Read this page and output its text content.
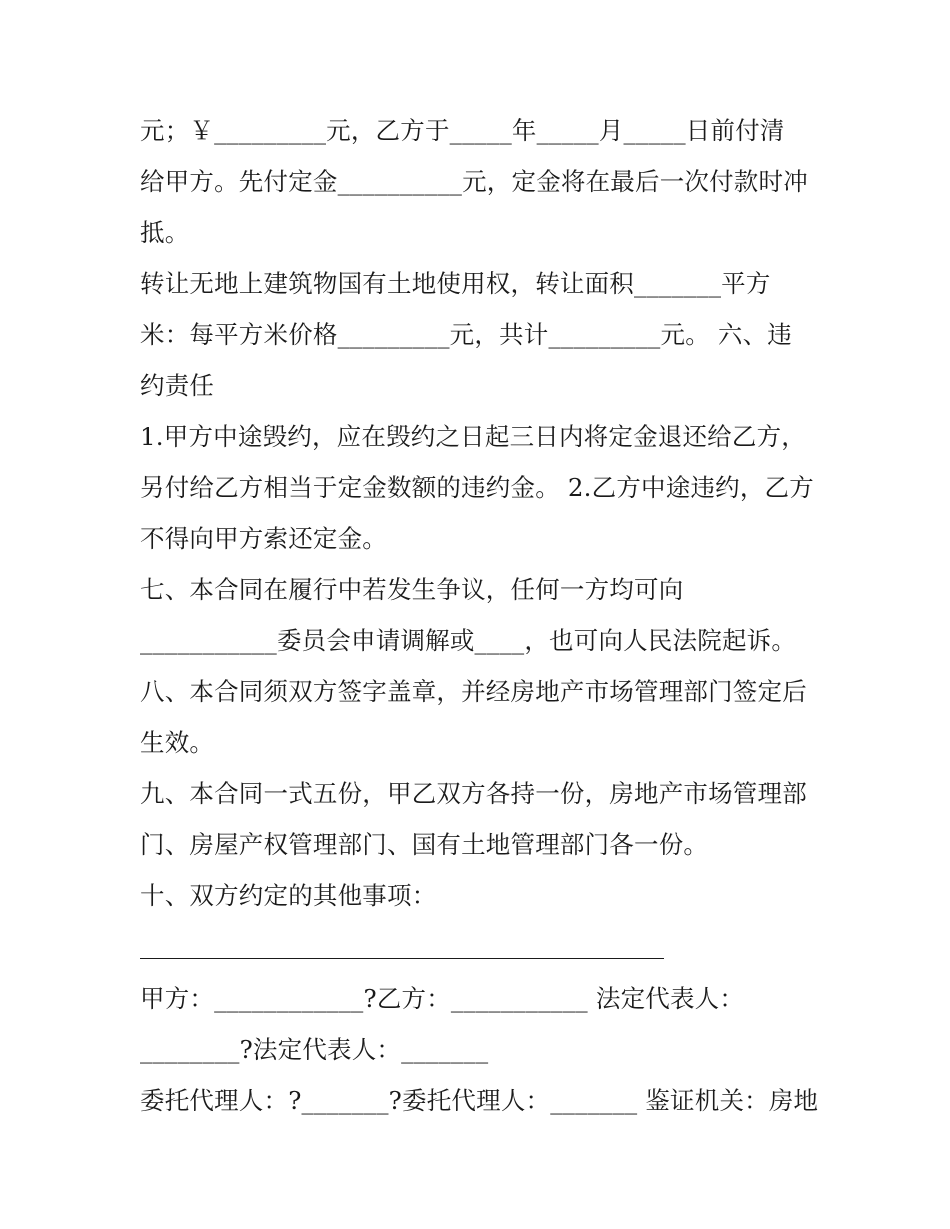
元；￥_________元，乙方于_____年_____月_____日前付清
给甲方。先付定金__________元，定金将在最后一次付款时冲
抵。
转让无地上建筑物国有土地使用权，转让面积_______平方
米：每平方米价格_________元，共计_________元。 六、违
约责任
1.甲方中途毁约，应在毁约之日起三日内将定金退还给乙方，
另付给乙方相当于定金数额的违约金。 2.乙方中途违约，乙方
不得向甲方索还定金。
七、本合同在履行中若发生争议，任何一方均可向
___________委员会申请调解或____，也可向人民法院起诉。
八、本合同须双方签字盖章，并经房地产市场管理部门签定后
生效。
九、本合同一式五份，甲乙双方各持一份，房地产市场管理部
门、房屋产权管理部门、国有土地管理部门各一份。
十、双方约定的其他事项：
甲方：____________?乙方：___________ 法定代表人：
________?法定代表人：_______
委托代理人：?_______?委托代理人：_______ 鉴证机关：房地
